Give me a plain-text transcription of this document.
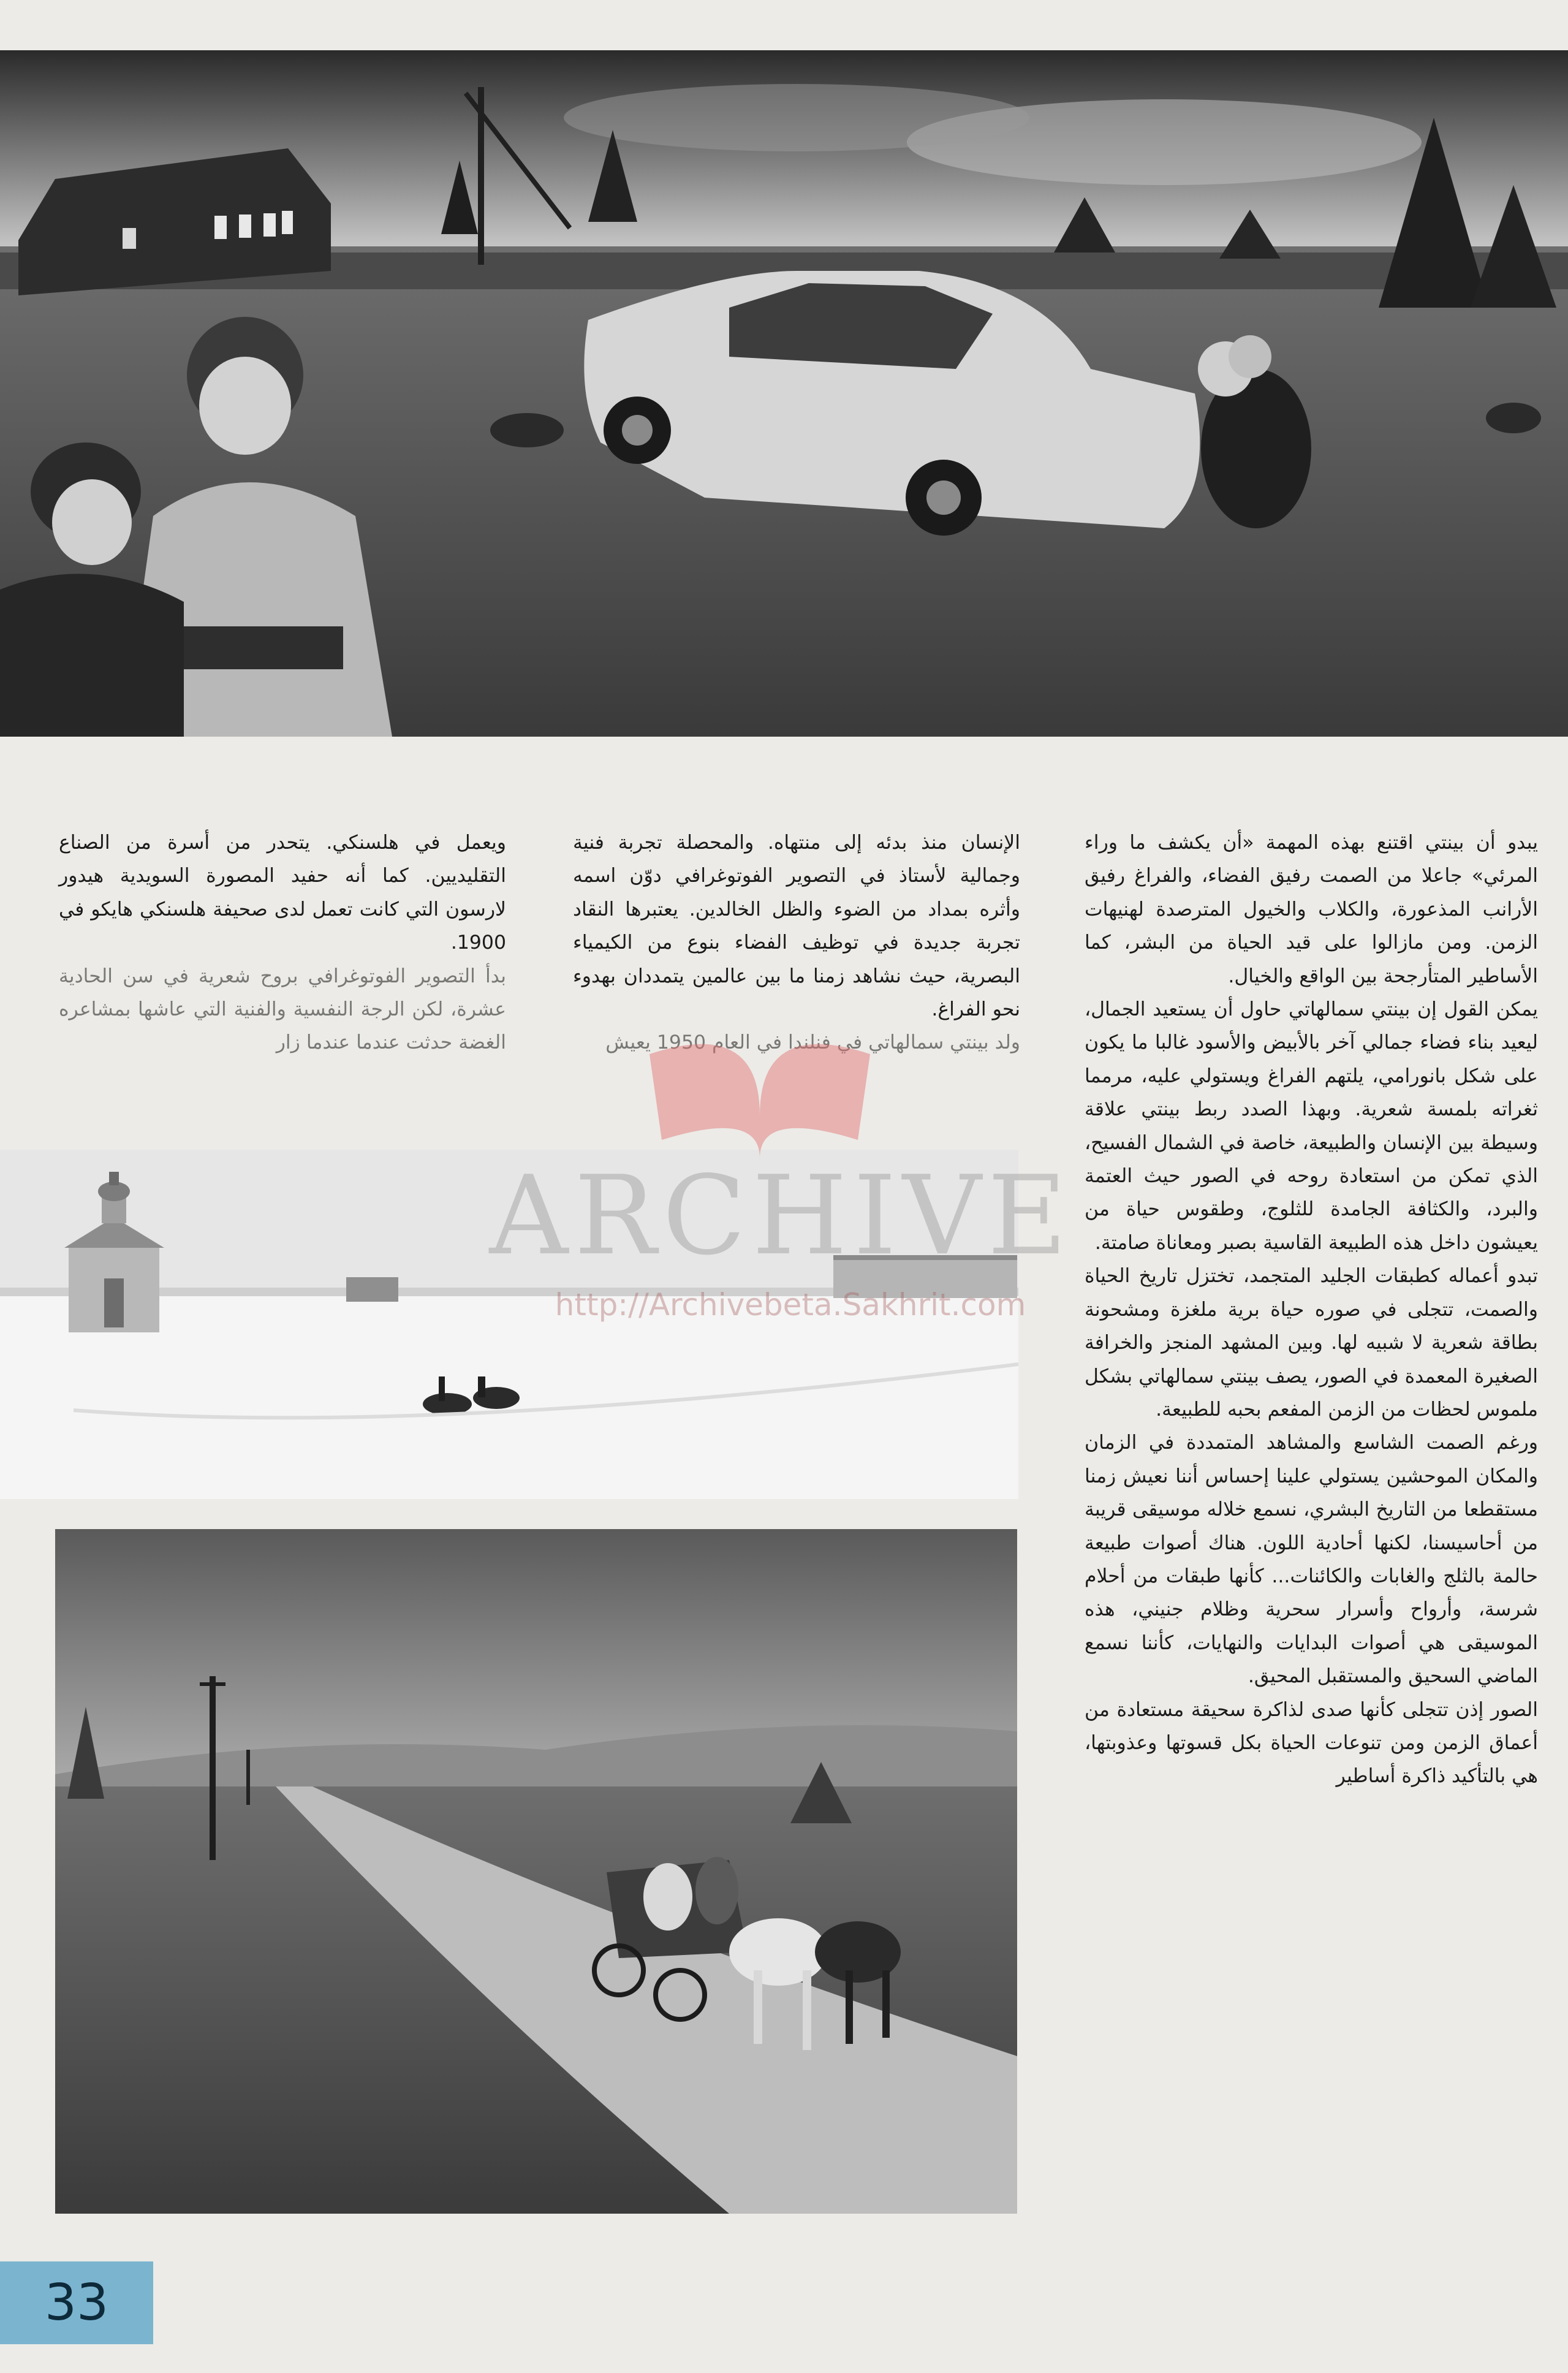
يبدو أن بينتي اقتنع بهذه المهمة «أن يكشف ما وراء المرئي» جاعلا من الصمت رفيق الفضاء، والفراغ رفيق الأرانب المذعورة، والكلاب والخيول المترصدة لهنيهات الزمن. ومن مازالوا على قيد الحياة من البشر، كما الأساطير المتأرجحة بين الواقع والخيال.

يمكن القول إن بينتي سمالهاتي حاول أن يستعيد الجمال، ليعيد بناء فضاء جمالي آخر بالأبيض والأسود غالبا ما يكون على شكل بانورامي، يلتهم الفراغ ويستولي عليه، مرمما ثغراته بلمسة شعرية. وبهذا الصدد ربط بينتي علاقة وسيطة بين الإنسان والطبيعة، خاصة في الشمال الفسيح، الذي تمكن من استعادة روحه في الصور حيث العتمة والبرد، والكثافة الجامدة للثلوج، وطقوس حياة من يعيشون داخل هذه الطبيعة القاسية بصبر ومعاناة صامتة.

تبدو أعماله كطبقات الجليد المتجمد، تختزل تاريخ الحياة والصمت، تتجلى في صوره حياة برية ملغزة ومشحونة بطاقة شعرية لا شبيه لها. وبين المشهد المنجز والخرافة الصغيرة المعمدة في الصور، يصف بينتي سمالهاتي بشكل ملموس لحظات من الزمن المفعم بحبه للطبيعة.

ورغم الصمت الشاسع والمشاهد المتمددة في الزمان والمكان الموحشين يستولي علينا إحساس أننا نعيش زمنا مستقطعا من التاريخ البشري، نسمع خلاله موسيقى قريبة من أحاسيسنا، لكنها أحادية اللون. هناك أصوات طبيعة حالمة بالثلج والغابات والكائنات... كأنها طبقات من أحلام شرسة، وأرواح وأسرار سحرية وظلام جنيني، هذه الموسيقى هي أصوات البدايات والنهايات، كأننا نسمع الماضي السحيق والمستقبل المحيق.

الصور إذن تتجلى كأنها صدى لذاكرة سحيقة مستعادة من أعماق الزمن ومن تنوعات الحياة بكل قسوتها وعذوبتها، هي بالتأكيد ذاكرة أساطير

الإنسان منذ بدئه إلى منتهاه. والمحصلة تجربة فنية وجمالية لأستاذ في التصوير الفوتوغرافي دوّن اسمه وأثره بمداد من الضوء والظل الخالدين. يعتبرها النقاد تجربة جديدة في توظيف الفضاء بنوع من الكيمياء البصرية، حيث نشاهد زمنا ما بين عالمين يتمددان بهدوء نحو الفراغ.

ولد بينتي سمالهاتي في فنلندا في العام 1950 يعيش

ويعمل في هلسنكي. يتحدر من أسرة من الصناع التقليديين. كما أنه حفيد المصورة السويدية هيدور لارسون التي كانت تعمل لدى صحيفة هلسنكي هايكو في 1900.

بدأ التصوير الفوتوغرافي بروح شعرية في سن الحادية عشرة، لكن الرجة النفسية والفنية التي عاشها بمشاعره الغضة حدثت عندما عندما زار

ARCHIVE
http://Archivebeta.Sakhrit.com
33
